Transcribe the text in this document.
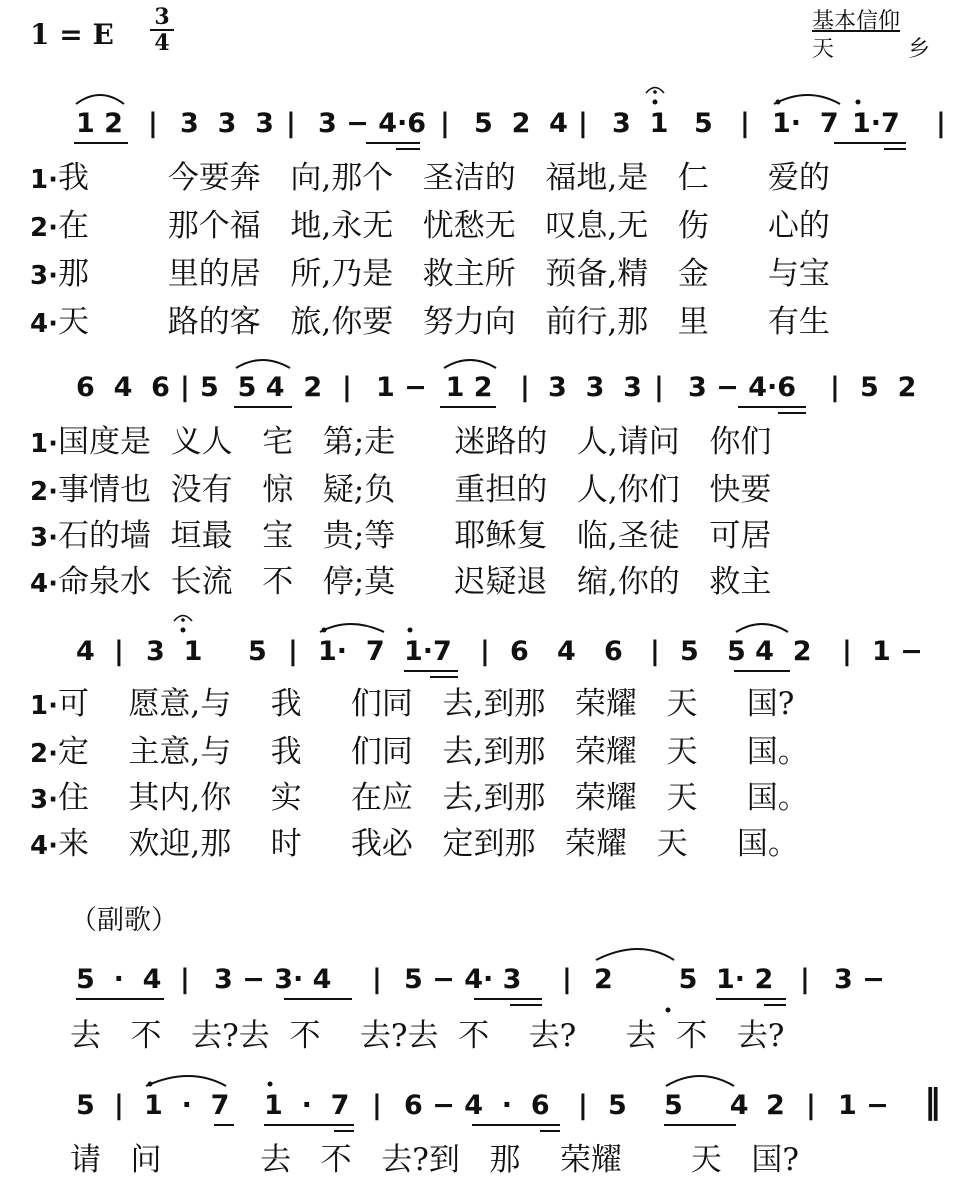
1 = E
3
4
基本信仰
天	乡
1 2 | 3  3  3 | 3 − 4·6 | 5  2  4 | 3  1 5 | 1·  7 1·7 |
1·我        今要奔   向,那个   圣洁的   福地,是   仁      爱的
2·在        那个福   地,永无   忧愁无   叹息,无   伤      心的
3·那        里的居   所,乃是   救主所   预备,精   金      与宝
4·天        路的客   旅,你要   努力向   前行,那   里      有生
6  4  6 | 5  5 4  2 | 1 −  1 2 | 3  3  3 | 3 − 4·6 | 5  2
1·国度是  义人   宅   第;走      迷路的   人,请问   你们
2·事情也  没有   惊   疑;负      重担的   人,你们   快要
3·石的墙  垣最   宝   贵;等      耶稣复   临,圣徒   可居
4·命泉水  长流   不   停;莫      迟疑退   缩,你的   救主
4 | 3  1 5 | 1·  7 1·7 | 6   4   6 | 5   5 4  2 | 1 −
1·可    愿意,与    我     们同   去,到那   荣耀   天     国?
2·定    主意,与    我     们同   去,到那   荣耀   天     国。
3·住    其内,你    实     在应   去,到那   荣耀   天     国。
4·来    欢迎,那    时     我必   定到那   荣耀   天     国。
（副歌）
5  ·  4 | 3 − 3· 4 | 5 − 4· 3 | 2       5 1· 2 | 3 −
去   不   去?去  不    去?去  不    去?     去  不   去?
5 | 1  ·  7 1  ·  7 | 6 − 4  ·  6 | 5 5     4 2 | 1 − ‖
请   问          去   不   去?到   那    荣耀       天   国?
